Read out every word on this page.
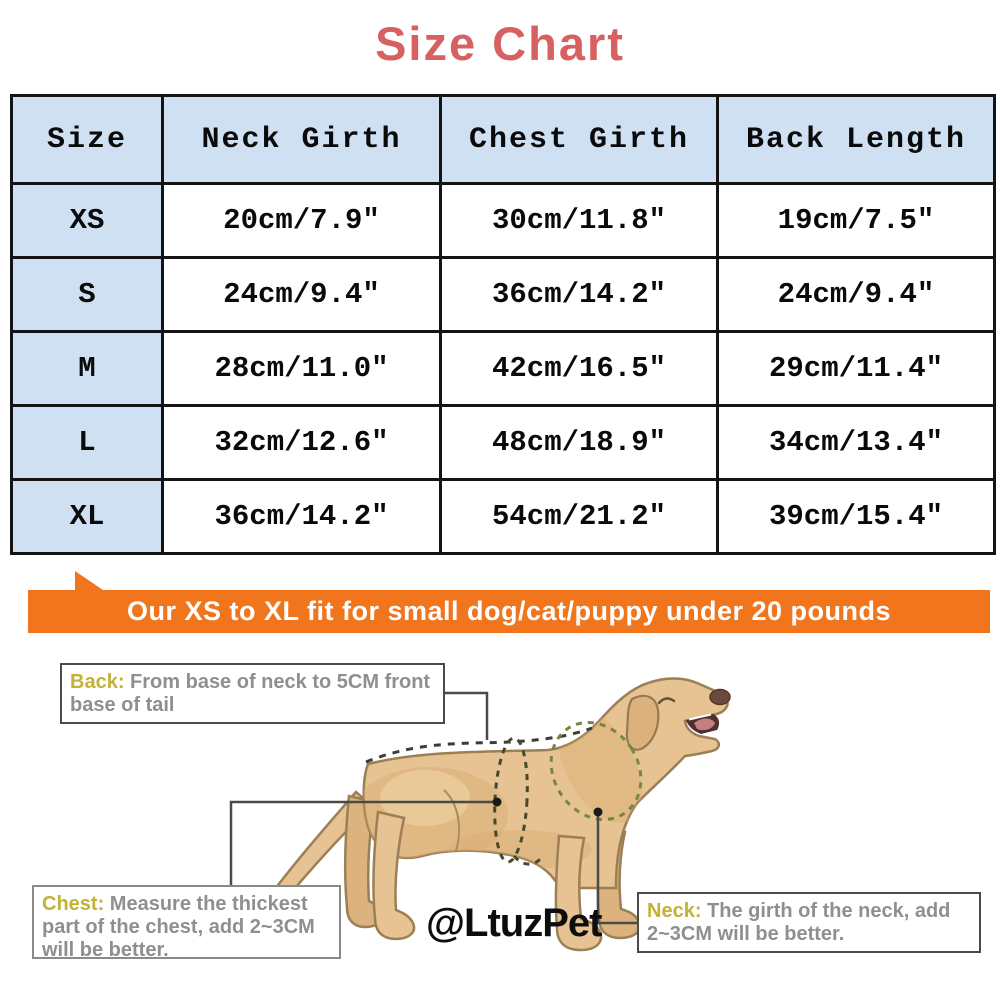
Size Chart
Size	Neck Girth	Chest Girth	Back Length
XS	20cm/7.9″	30cm/11.8″	19cm/7.5″
S	24cm/9.4″	36cm/14.2″	24cm/9.4″
M	28cm/11.0″	42cm/16.5″	29cm/11.4″
L	32cm/12.6″	48cm/18.9″	34cm/13.4″
XL	36cm/14.2″	54cm/21.2″	39cm/15.4″
Our XS to XL fit for small dog/cat/puppy under 20 pounds
Back: From base of neck to 5CM front base of tail
Chest: Measure the thickest part of the chest, add 2~3CM will be better.
Neck: The girth of the neck, add 2~3CM will be better.
@LtuzPet
